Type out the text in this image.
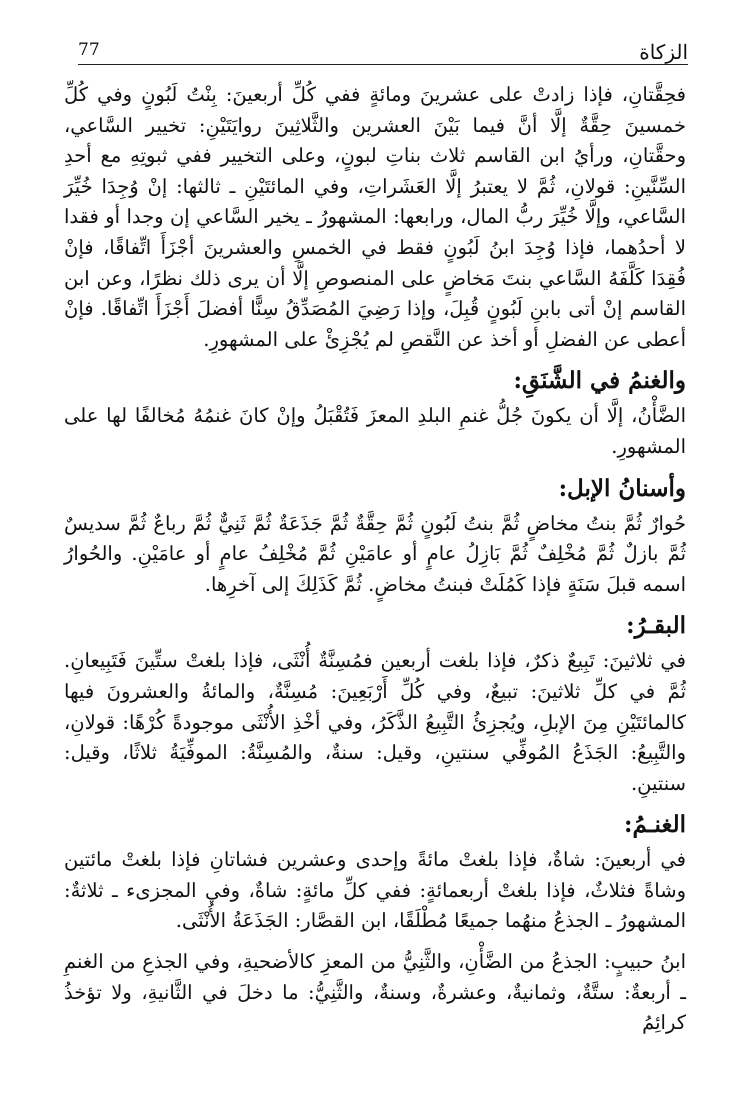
الزكاة
77

فحِقَّتانِ، فإذا زادتْ على عشرينَ ومائةٍ ففي كُلِّ أربعينَ: بِنْتُ لَبُونٍ وفي كُلِّ خمسينَ حِقَّةٌ إلَّا أنَّ فيما بَيْنَ العشرين والثَّلاثِينَ روايَتَيْنِ: تخيير السَّاعي، وحقَّتانِ، ورأيُ ابن القاسم ثلاث بناتِ لبونٍ، وعلى التخيير ففي ثبوتِهِ مع أحدِ السِّنَّينِ: قولانِ، ثُمَّ لا يعتبرُ إلَّا العَشَراتِ، وفي المائتَيْنِ ـ ثالثها: إنْ وُجِدَا خُيِّرَ السَّاعي، وإلَّا خُيِّرَ ربُّ المال، ورابعها: المشهورُ ـ يخير السَّاعي إن وجدا أو فقدا لا أحدُهما، فإذا وُجِدَ ابنُ لَبُونٍ فقط في الخمسِ والعشرينَ أجْزَأَ اتِّفاقًا، فإنْ فُقِدَا كَلَّفَهُ السَّاعي بنتَ مَخاضٍ على المنصوصِ إلَّا أن يرى ذلك نظرًا، وعن ابن القاسم إنْ أتى بابنِ لَبُونٍ قُبِلَ، وإذا رَضِيَ المُصَدِّقُ سِنًّا أفضلَ أَجْزَأَ اتِّفاقًا. فإنْ أعطى عن الفضلِ أو أخذ عن النَّقصِ لم يُجْزِئْ على المشهورِ.

والغنمُ في الشَّنَقِ:

الضَّأْنُ، إلَّا أن يكونَ جُلُّ غنمِ البلدِ المعزَ فَتُقْبَلُ وإنْ كانَ غنمُهُ مُخالفًا لها على المشهورِ.

وأسنانُ الإبل:

حُوارٌ ثُمَّ بنتُ مخاضٍ ثُمَّ بنتُ لَبُونٍ ثُمَّ حِقَّةٌ ثُمَّ جَذَعَةٌ ثُمَّ ثَنِيٌّ ثُمَّ رباعٌ ثُمَّ سديسٌ ثُمَّ بازلٌ ثُمَّ مُخْلِفٌ ثُمَّ بَازِلُ عامٍ أو عامَيْنِ ثُمَّ مُخْلِفُ عامٍ أو عامَيْنِ. والحُوارُ اسمه قبلَ سَنَةٍ فإذا كَمُلَتْ فبنتُ مخاضٍ. ثُمَّ كَذَلِكَ إلى آخرِها.

البقـرُ:

في ثلاثينَ: تَبِيعٌ ذكرٌ، فإذا بلغت أربعين فمُسِنَّةٌ أُنْثَى، فإذا بلغتْ ستِّينَ فَتَبِيعانِ. ثُمَّ في كلِّ ثلاثينَ: تبيعٌ، وفي كُلِّ أَرْبَعِينَ: مُسِنَّةٌ، والمائةُ والعشرونَ فيها كالمائتَيْنِ مِنَ الإبلِ، ويُجزِئُ التَّبِيعُ الذَّكَرُ، وفي أخْذِ الأُنْثَى موجودةً كُرْهًا: قولانِ، والتَّبِيعُ: الجَذَعُ المُوفِّي سنتينِ، وقيل: سنةٌ، والمُسِنَّةُ: الموفِّيَةُ ثلاثًا، وقيل: سنتينِ.

الغنـمُ:

في أربعينَ: شاةٌ، فإذا بلغتْ مائةً وإحدى وعشرين فشاتانِ فإذا بلغتْ مائتين وشاةً فثلاثٌ، فإذا بلغتْ أربعمائةٍ: ففي كلِّ مائةٍ: شاةٌ، وفي المجزىء ـ ثلاثةٌ: المشهورُ ـ الجذعُ منهُما جميعًا مُطْلَقًا، ابن القصَّار: الجَذَعَةُ الأُنْثَى.

ابنُ حبيبٍ: الجذعُ من الضَّأْنِ، والثَّنِيُّ من المعزِ كالأضحيةِ، وفي الجذعِ من الغنمِ ـ أربعةٌ: ستَّةٌ، وثمانيةٌ، وعشرةٌ، وسنةٌ، والثَّنِيُّ: ما دخلَ في الثَّانيةِ، ولا تؤخذُ كرائِمُ
